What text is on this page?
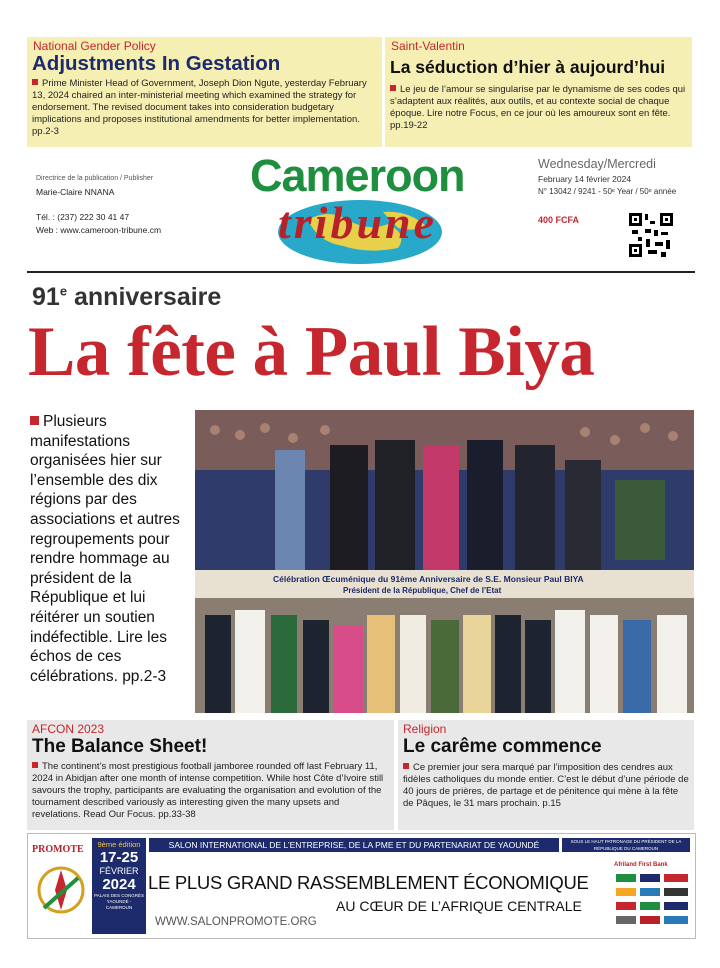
National Gender Policy
Adjustments In Gestation
Prime Minister Head of Government, Joseph Dion Ngute, yesterday February 13, 2024 chaired an inter-ministerial meeting which examined the strategy for endorsement. The revised document takes into consideration budgetary implications and proposes institutional amendments for better implementation. pp.2-3
Saint-Valentin
La séduction d’hier à aujourd’hui
Le jeu de l’amour se singularise par le dynamisme de ses codes qui s’adaptent aux réalités, aux outils, et au contexte social de chaque époque. Lire notre Focus, en ce jour où les amoureux sont en fête. pp.19-22
Directrice de la publication / Publisher
Marie-Claire NNANA
Tél. : (237) 222 30 41 47
Web : www.cameroon-tribune.cm
Cameroon
tribune
Wednesday/Mercredi
February 14 février 2024
N° 13042 / 9241 - 50ᵉ Year / 50ᵉ année
400 FCFA
91e anniversaire
La fête à Paul Biya
Plusieurs manifestations organisées hier sur l’ensemble des dix régions par des associations et autres regroupements pour rendre hommage au président de la République et lui réitérer un soutien indéfectible. Lire les échos de ces célébrations. pp.2-3
Célébration Œcuménique du 91ème Anniversaire de S.E. Monsieur Paul BIYA
Président de la République, Chef de l’Etat
AFCON 2023
The Balance Sheet!
The continent’s most prestigious football jamboree rounded off last February 11, 2024 in Abidjan after one month of intense competition. While host Côte d’Ivoire still savours the trophy, participants are evaluating the organisation and evolution of the tournament described variously as interesting given the many upsets and revelations. Read Our Focus. pp.33-38
Religion
Le carême commence
Ce premier jour sera marqué par l’imposition des cendres aux fidèles catholiques du monde entier. C’est le début d’une période de 40 jours de prières, de partage et de pénitence qui mène à la fête de Pâques, le 31 mars prochain. p.15
PROMOTE	9ème édition
17-25
FÉVRIER
2024
PALAIS DES CONGRÈS YAOUNDÉ - CAMEROUN
SALON INTERNATIONAL DE L’ENTREPRISE, DE LA PME ET DU PARTENARIAT DE YAOUNDÉ	SOUS LE HAUT PATRONAGE DU PRÉSIDENT DE LA RÉPUBLIQUE DU CAMEROUN
LE PLUS GRAND RASSEMBLEMENT ÉCONOMIQUE
AU CŒUR DE L’AFRIQUE CENTRALE
WWW.SALONPROMOTE.ORG
Afriland First Bank
